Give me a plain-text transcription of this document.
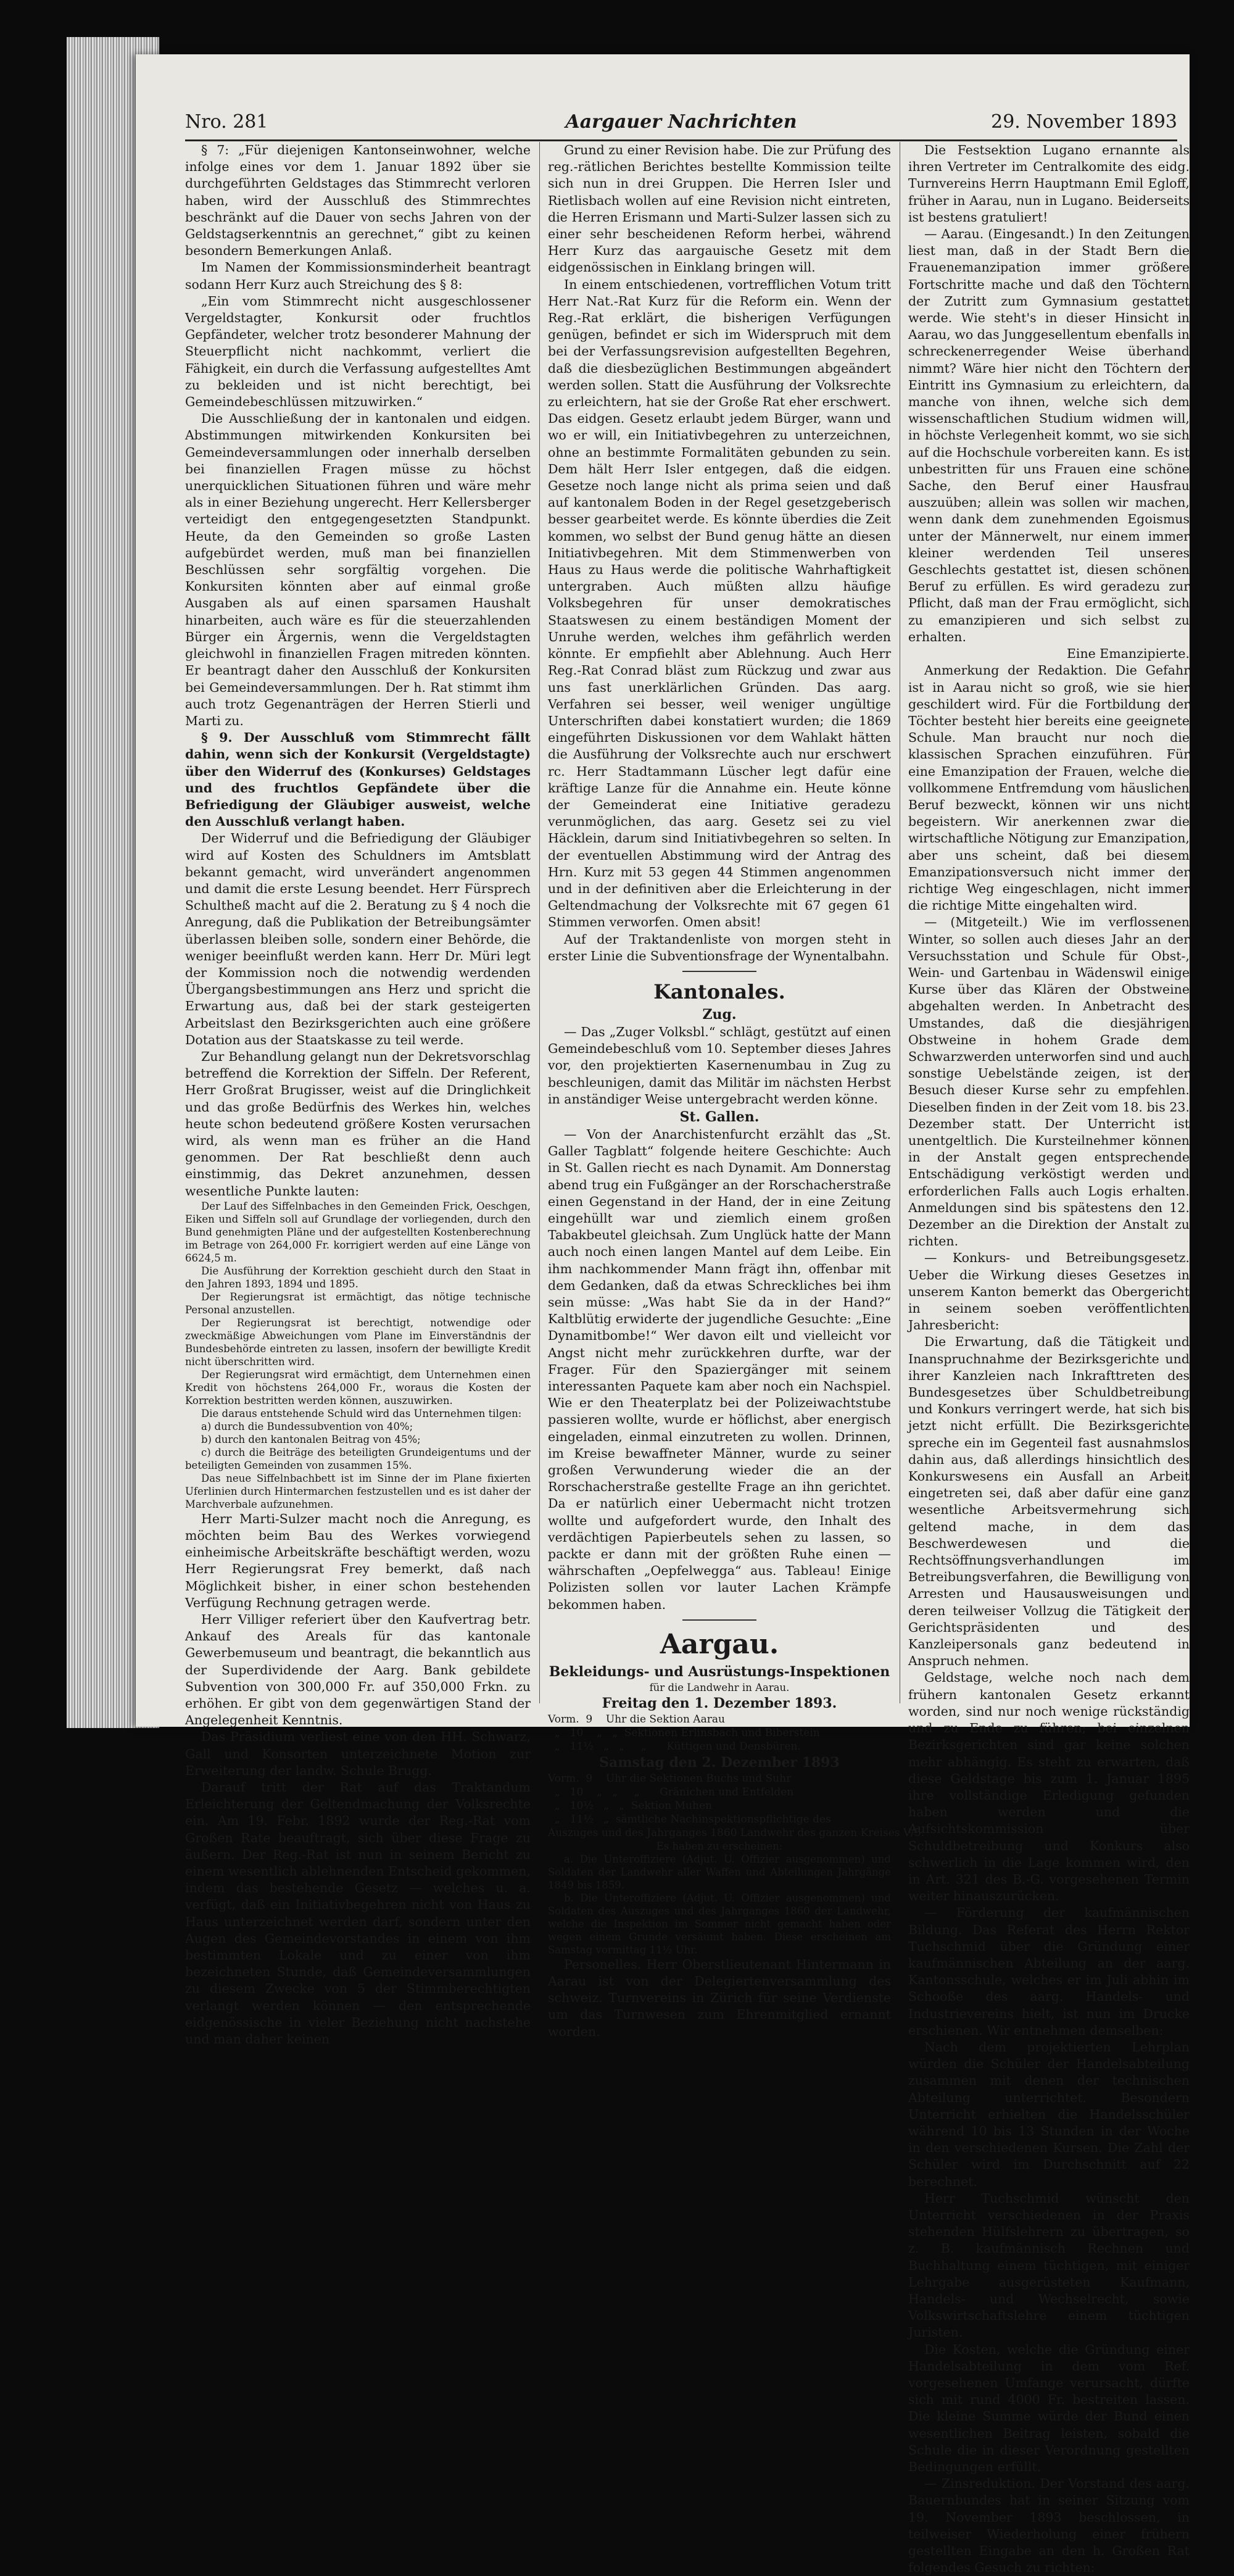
Nro. 281	Aargauer Nachrichten	29. November 1893

§ 7: „Für diejenigen Kantonseinwohner, welche infolge eines vor dem 1. Januar 1892 über sie durchgeführten Geldstages das Stimmrecht verloren haben, wird der Ausschluß des Stimmrechtes beschränkt auf die Dauer von sechs Jahren von der Geldstagserkenntnis an gerechnet,“ gibt zu keinen besondern Bemerkungen Anlaß.

Im Namen der Kommissionsminderheit beantragt sodann Herr Kurz auch Streichung des § 8:

„Ein vom Stimmrecht nicht ausgeschlossener Vergeldstagter, Konkursit oder fruchtlos Gepfändeter, welcher trotz besonderer Mahnung der Steuerpflicht nicht nachkommt, verliert die Fähigkeit, ein durch die Verfassung aufgestelltes Amt zu bekleiden und ist nicht berechtigt, bei Gemeindebeschlüssen mitzuwirken.“

Die Ausschließung der in kantonalen und eidgen. Abstimmungen mitwirkenden Konkursiten bei Gemeindeversammlungen oder innerhalb derselben bei finanziellen Fragen müsse zu höchst unerquicklichen Situationen führen und wäre mehr als in einer Beziehung ungerecht. Herr Kellersberger verteidigt den entgegengesetzten Standpunkt. Heute, da den Gemeinden so große Lasten aufgebürdet werden, muß man bei finanziellen Beschlüssen sehr sorgfältig vorgehen. Die Konkursiten könnten aber auf einmal große Ausgaben als auf einen sparsamen Haushalt hinarbeiten, auch wäre es für die steuerzahlenden Bürger ein Ärgernis, wenn die Vergeldstagten gleichwohl in finanziellen Fragen mitreden könnten. Er beantragt daher den Ausschluß der Konkursiten bei Gemeindeversammlungen. Der h. Rat stimmt ihm auch trotz Gegenanträgen der Herren Stierli und Marti zu.

§ 9. Der Ausschluß vom Stimmrecht fällt dahin, wenn sich der Konkursit (Vergeldstagte) über den Widerruf des (Konkurses) Geldstages und des fruchtlos Gepfändete über die Befriedigung der Gläubiger ausweist, welche den Ausschluß verlangt haben.

Der Widerruf und die Befriedigung der Gläubiger wird auf Kosten des Schuldners im Amtsblatt bekannt gemacht, wird unverändert angenommen und damit die erste Lesung beendet. Herr Fürsprech Schultheß macht auf die 2. Beratung zu § 4 noch die Anregung, daß die Publikation der Betreibungsämter überlassen bleiben solle, sondern einer Behörde, die weniger beeinflußt werden kann. Herr Dr. Müri legt der Kommission noch die notwendig werdenden Übergangsbestimmungen ans Herz und spricht die Erwartung aus, daß bei der stark gesteigerten Arbeitslast den Bezirksgerichten auch eine größere Dotation aus der Staatskasse zu teil werde.

Zur Behandlung gelangt nun der Dekretsvorschlag betreffend die Korrektion der Siffeln. Der Referent, Herr Großrat Brugisser, weist auf die Dringlichkeit und das große Bedürfnis des Werkes hin, welches heute schon bedeutend größere Kosten verursachen wird, als wenn man es früher an die Hand genommen. Der Rat beschließt denn auch einstimmig, das Dekret anzunehmen, dessen wesentliche Punkte lauten:

Der Lauf des Siffelnbaches in den Gemeinden Frick, Oeschgen, Eiken und Siffeln soll auf Grundlage der vorliegenden, durch den Bund genehmigten Pläne und der aufgestellten Kostenberechnung im Betrage von 264,000 Fr. korrigiert werden auf eine Länge von 6624,5 m.

Die Ausführung der Korrektion geschieht durch den Staat in den Jahren 1893, 1894 und 1895.

Der Regierungsrat ist ermächtigt, das nötige technische Personal anzustellen.

Der Regierungsrat ist berechtigt, notwendige oder zweckmäßige Abweichungen vom Plane im Einverständnis der Bundesbehörde eintreten zu lassen, insofern der bewilligte Kredit nicht überschritten wird.

Der Regierungsrat wird ermächtigt, dem Unternehmen einen Kredit von höchstens 264,000 Fr., woraus die Kosten der Korrektion bestritten werden können, auszuwirken.

Die daraus entstehende Schuld wird das Unternehmen tilgen:

a) durch die Bundessubvention von 40%;

b) durch den kantonalen Beitrag von 45%;

c) durch die Beiträge des beteiligten Grundeigentums und der beteiligten Gemeinden von zusammen 15%.

Das neue Siffelnbachbett ist im Sinne der im Plane fixierten Uferlinien durch Hintermarchen festzustellen und es ist daher der Marchverbale aufzunehmen.

Herr Marti-Sulzer macht noch die Anregung, es möchten beim Bau des Werkes vorwiegend einheimische Arbeitskräfte beschäftigt werden, wozu Herr Regierungsrat Frey bemerkt, daß nach Möglichkeit bisher, in einer schon bestehenden Verfügung Rechnung getragen werde.

Herr Villiger referiert über den Kaufvertrag betr. Ankauf des Areals für das kantonale Gewerbemuseum und beantragt, die bekanntlich aus der Superdividende der Aarg. Bank gebildete Subvention von 300,000 Fr. auf 350,000 Frkn. zu erhöhen. Er gibt von dem gegenwärtigen Stand der Angelegenheit Kenntnis.

Das Präsidium verliest eine von den HH. Schwarz, Gall und Konsorten unterzeichnete Motion zur Erweiterung der landw. Schule Brugg.

Darauf tritt der Rat auf das Traktandum Erleichterung der Geltendmachung der Volksrechte ein. Am 19. Febr. 1892 wurde der Reg.-Rat vom Großen Rate beauftragt, sich über diese Frage zu äußern. Der Reg.-Rat ist nun in seinem Bericht zu einem wesentlich ablehnenden Entscheid gekommen, indem das bestehende Gesetz — welches u. a. verfügt, daß ein Initiativbegehren nicht von Haus zu Haus unterzeichnet werden darf, sondern unter den Augen des Gemeindevorstandes in einem von ihm bestimmten Lokale und zu einer von ihm bezeichneten Stunde, daß Gemeindeversammlungen zu diesem Zwecke von 5 der Stimmberechtigten verlangt werden können — den entsprechende eidgenössische in vieler Beziehung nicht nachstehe und man daher keinen

Grund zu einer Revision habe. Die zur Prüfung des reg.-rätlichen Berichtes bestellte Kommission teilte sich nun in drei Gruppen. Die Herren Isler und Rietlisbach wollen auf eine Revision nicht eintreten, die Herren Erismann und Marti-Sulzer lassen sich zu einer sehr bescheidenen Reform herbei, während Herr Kurz das aargauische Gesetz mit dem eidgenössischen in Einklang bringen will.

In einem entschiedenen, vortrefflichen Votum tritt Herr Nat.-Rat Kurz für die Reform ein. Wenn der Reg.-Rat erklärt, die bisherigen Verfügungen genügen, befindet er sich im Widerspruch mit dem bei der Verfassungsrevision aufgestellten Begehren, daß die diesbezüglichen Bestimmungen abgeändert werden sollen. Statt die Ausführung der Volksrechte zu erleichtern, hat sie der Große Rat eher erschwert. Das eidgen. Gesetz erlaubt jedem Bürger, wann und wo er will, ein Initiativbegehren zu unterzeichnen, ohne an bestimmte Formalitäten gebunden zu sein. Dem hält Herr Isler entgegen, daß die eidgen. Gesetze noch lange nicht als prima seien und daß auf kantonalem Boden in der Regel gesetzgeberisch besser gearbeitet werde. Es könnte überdies die Zeit kommen, wo selbst der Bund genug hätte an diesen Initiativbegehren. Mit dem Stimmenwerben von Haus zu Haus werde die politische Wahrhaftigkeit untergraben. Auch müßten allzu häufige Volksbegehren für unser demokratisches Staatswesen zu einem beständigen Moment der Unruhe werden, welches ihm gefährlich werden könnte. Er empfiehlt aber Ablehnung. Auch Herr Reg.-Rat Conrad bläst zum Rückzug und zwar aus uns fast unerklärlichen Gründen. Das aarg. Verfahren sei besser, weil weniger ungültige Unterschriften dabei konstatiert wurden; die 1869 eingeführten Diskussionen vor dem Wahlakt hätten die Ausführung der Volksrechte auch nur erschwert rc. Herr Stadtammann Lüscher legt dafür eine kräftige Lanze für die Annahme ein. Heute könne der Gemeinderat eine Initiative geradezu verunmöglichen, das aarg. Gesetz sei zu viel Häcklein, darum sind Initiativbegehren so selten. In der eventuellen Abstimmung wird der Antrag des Hrn. Kurz mit 53 gegen 44 Stimmen angenommen und in der definitiven aber die Erleichterung in der Geltendmachung der Volksrechte mit 67 gegen 61 Stimmen verworfen. Omen absit!

Auf der Traktandenliste von morgen steht in erster Linie die Subventionsfrage der Wynentalbahn.

Kantonales.

Zug.

— Das „Zuger Volksbl.“ schlägt, gestützt auf einen Gemeindebeschluß vom 10. September dieses Jahres vor, den projektierten Kasernenumbau in Zug zu beschleunigen, damit das Militär im nächsten Herbst in anständiger Weise untergebracht werden könne.

St. Gallen.

— Von der Anarchistenfurcht erzählt das „St. Galler Tagblatt“ folgende heitere Geschichte: Auch in St. Gallen riecht es nach Dynamit. Am Donnerstag abend trug ein Fußgänger an der Rorschacherstraße einen Gegenstand in der Hand, der in eine Zeitung eingehüllt war und ziemlich einem großen Tabakbeutel gleichsah. Zum Unglück hatte der Mann auch noch einen langen Mantel auf dem Leibe. Ein ihm nachkommender Mann frägt ihn, offenbar mit dem Gedanken, daß da etwas Schreckliches bei ihm sein müsse: „Was habt Sie da in der Hand?“ Kaltblütig erwiderte der jugendliche Gesuchte: „Eine Dynamitbombe!“ Wer davon eilt und vielleicht vor Angst nicht mehr zurückkehren durfte, war der Frager. Für den Spaziergänger mit seinem interessanten Paquete kam aber noch ein Nachspiel. Wie er den Theaterplatz bei der Polizeiwachtstube passieren wollte, wurde er höflichst, aber energisch eingeladen, einmal einzutreten zu wollen. Drinnen, im Kreise bewaffneter Männer, wurde zu seiner großen Verwunderung wieder die an der Rorschacherstraße gestellte Frage an ihn gerichtet. Da er natürlich einer Uebermacht nicht trotzen wollte und aufgefordert wurde, den Inhalt des verdächtigen Papierbeutels sehen zu lassen, so packte er dann mit der größten Ruhe einen — währschaften „Oepfelwegga“ aus. Tableau! Einige Polizisten sollen vor lauter Lachen Krämpfe bekommen haben.

Aargau.

Bekleidungs- und Ausrüstungs-Inspektionen

für die Landwehr in Aarau.

Freitag den 1. Dezember 1893.

Vorm.  9    Uhr die Sektion Aarau
„   10    „   „  Sektionen Erlinsbach und Biberstein
„   11½   „   „     „      Küttigen und Densbüren.

Samstag den 2. Dezember 1893

Vorm.  9    Uhr die Sektionen Buchs und Suhr
„   10    „   „     „      Gränichen und Entfelden
„   10½   „   „  Sektion Muhen
„   11½   „  sämtliche Nachinspektionspflichtige des
Auszuges und des Jahrganges 1860 Landwehr des ganzen Kreises V/5.

Es haben zu erscheinen:

a. Die Unteroffiziere (Adjut. U. Offizier ausgenommen) und Soldaten der Landwehr aller Waffen und Abteilungen Jahrgänge 1849 bis 1859.

b. Die Unteroffiziere (Adjut. U. Offizier ausgenommen) und Soldaten des Auszuges und des Jahrganges 1860 der Landwehr, welche die Inspektion im Sommer nicht gemacht haben oder wegen einem Grunde versäumt haben. Diese erscheinen am Samstag vormittag 11½ Uhr.

Personelles. Herr Oberstlieutenant Hintermann in Aarau ist von der Delegiertenversammlung des schweiz. Turnvereins in Zürich für seine Verdienste um das Turnwesen zum Ehrenmitglied ernannt worden.

Die Festsektion Lugano ernannte als ihren Vertreter im Centralkomite des eidg. Turnvereins Herrn Hauptmann Emil Egloff, früher in Aarau, nun in Lugano. Beiderseits ist bestens gratuliert!

— Aarau. (Eingesandt.) In den Zeitungen liest man, daß in der Stadt Bern die Frauenemanzipation immer größere Fortschritte mache und daß den Töchtern der Zutritt zum Gymnasium gestattet werde. Wie steht's in dieser Hinsicht in Aarau, wo das Junggesellentum ebenfalls in schreckenerregender Weise überhand nimmt? Wäre hier nicht den Töchtern der Eintritt ins Gymnasium zu erleichtern, da manche von ihnen, welche sich dem wissenschaftlichen Studium widmen will, in höchste Verlegenheit kommt, wo sie sich auf die Hochschule vorbereiten kann. Es ist unbestritten für uns Frauen eine schöne Sache, den Beruf einer Hausfrau auszuüben; allein was sollen wir machen, wenn dank dem zunehmenden Egoismus unter der Männerwelt, nur einem immer kleiner werdenden Teil unseres Geschlechts gestattet ist, diesen schönen Beruf zu erfüllen. Es wird geradezu zur Pflicht, daß man der Frau ermöglicht, sich zu emanzipieren und sich selbst zu erhalten.

Eine Emanzipierte.

Anmerkung der Redaktion. Die Gefahr ist in Aarau nicht so groß, wie sie hier geschildert wird. Für die Fortbildung der Töchter besteht hier bereits eine geeignete Schule. Man braucht nur noch die klassischen Sprachen einzuführen. Für eine Emanzipation der Frauen, welche die vollkommene Entfremdung vom häuslichen Beruf bezweckt, können wir uns nicht begeistern. Wir anerkennen zwar die wirtschaftliche Nötigung zur Emanzipation, aber uns scheint, daß bei diesem Emanzipationsversuch nicht immer der richtige Weg eingeschlagen, nicht immer die richtige Mitte eingehalten wird.

— (Mitgeteilt.) Wie im verflossenen Winter, so sollen auch dieses Jahr an der Versuchsstation und Schule für Obst-, Wein- und Gartenbau in Wädenswil einige Kurse über das Klären der Obstweine abgehalten werden. In Anbetracht des Umstandes, daß die diesjährigen Obstweine in hohem Grade dem Schwarzwerden unterworfen sind und auch sonstige Uebelstände zeigen, ist der Besuch dieser Kurse sehr zu empfehlen. Dieselben finden in der Zeit vom 18. bis 23. Dezember statt. Der Unterricht ist unentgeltlich. Die Kursteilnehmer können in der Anstalt gegen entsprechende Entschädigung verköstigt werden und erforderlichen Falls auch Logis erhalten. Anmeldungen sind bis spätestens den 12. Dezember an die Direktion der Anstalt zu richten.

— Konkurs- und Betreibungsgesetz. Ueber die Wirkung dieses Gesetzes in unserem Kanton bemerkt das Obergericht in seinem soeben veröffentlichten Jahresbericht:

Die Erwartung, daß die Tätigkeit und Inanspruchnahme der Bezirksgerichte und ihrer Kanzleien nach Inkrafttreten des Bundesgesetzes über Schuldbetreibung und Konkurs verringert werde, hat sich bis jetzt nicht erfüllt. Die Bezirksgerichte spreche ein im Gegenteil fast ausnahmslos dahin aus, daß allerdings hinsichtlich des Konkurswesens ein Ausfall an Arbeit eingetreten sei, daß aber dafür eine ganz wesentliche Arbeitsvermehrung sich geltend mache, in dem das Beschwerdewesen und die Rechtsöffnungsverhandlungen im Betreibungsverfahren, die Bewilligung von Arresten und Hausausweisungen und deren teilweiser Vollzug die Tätigkeit der Gerichtspräsidenten und des Kanzleipersonals ganz bedeutend in Anspruch nehmen.

Geldstage, welche noch nach dem frühern kantonalen Gesetz erkannt worden, sind nur noch wenige rückständig und zu Ende zu führen; bei einzelnen Bezirksgerichten sind gar keine solchen mehr abhängig. Es steht zu erwarten, daß diese Geldstage bis zum 1. Januar 1895 ihre vollständige Erledigung gefunden haben werden und die Aufsichtskommission über Schuldbetreibung und Konkurs also schwerlich in die Lage kommen wird, den in Art. 321 des B.-G. vorgesehenen Termin weiter hinauszurücken.

— Förderung der kaufmännischen Bildung. Das Referat des Herrn Rektor Tuchschmid über die Gründung einer kaufmännischen Abteilung an der aarg. Kantonsschule, welches er im Juli abhin im Schooße des aarg. Handels- und Industrievereins hielt, ist nun im Drucke erschienen. Wir entnehmen demselben:

Nach dem projektierten Lehrplan würden die Schüler der Handelsabteilung zusammen mit denen der technischen Abteilung unterrichtet. Besondern Unterricht erhielten die Handelsschüler während 10 bis 13 Stunden in der Woche in den verschiedenen Kursen. Die Zahl der Schüler wird im Durchschnitt auf 22 berechnet.

Herr Tuchschmid wünscht den Unterricht verschiedenen in der Praxis stehenden Hülfslehrern zu übertragen, so z. B. kaufmännisch Rechnen und Buchhaltung einem tüchtigen, mit einiger Lehrgabe ausgerüsteten Kaufmann, Handels- und Wechselrecht, sowie Volkswirtschaftslehre einem tüchtigen Juristen.

Die Kosten, welche die Gründung einer Handelsabteilung in dem vom Ref. vorgesehenen Umfange verursacht, dürfte sich mit rund 4000 Fr. bestreiten lassen. Die kleine Summe würde der Bund einen wesentlichen Beitrag leisten, sobald die Schule die in dieser Verordnung gestellten Bedingungen erfüllt.

— Zinsreduktion. Der Vorstand des aarg. Bauernbundes hat in seiner Sitzung vom 19. November 1893 beschlossen, in teilweiser Wiederholung einer frühern gestellten Eingabe an den h. Großen Rat folgendes Gesuch zu richten:
